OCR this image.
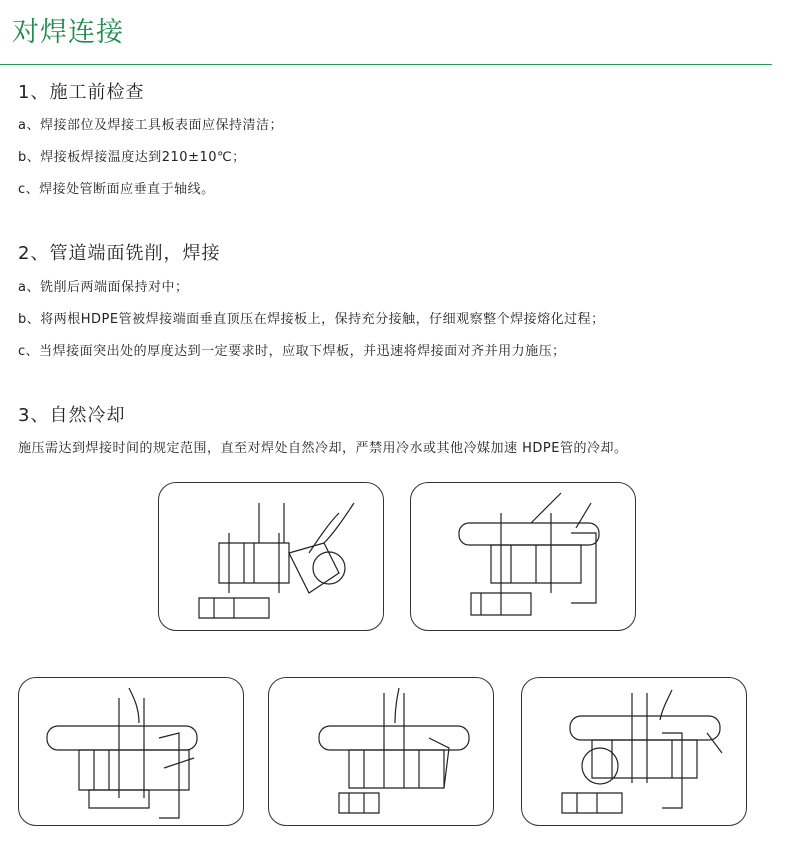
对焊连接
1、施工前检查
a、焊接部位及焊接工具板表面应保持清洁；
b、焊接板焊接温度达到210±10℃；
c、焊接处管断面应垂直于轴线。
2、管道端面铣削，焊接
a、铣削后两端面保持对中；
b、将两根HDPE管被焊接端面垂直顶压在焊接板上，保持充分接触，仔细观察整个焊接熔化过程；
c、当焊接面突出处的厚度达到一定要求时，应取下焊板，并迅速将焊接面对齐并用力施压；
3、自然冷却
施压需达到焊接时间的规定范围，直至对焊处自然冷却，严禁用冷水或其他冷媒加速 HDPE管的冷却。
